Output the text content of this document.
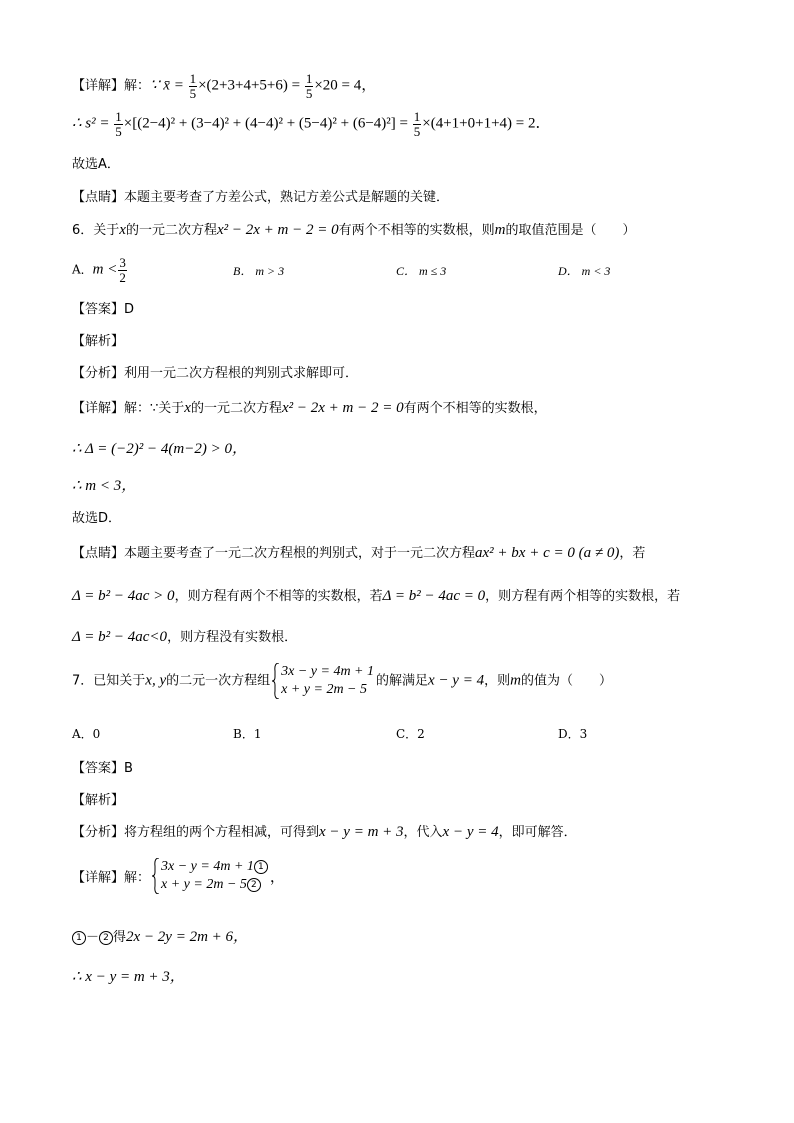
【详解】解：∵ x̄ = $\frac{1}{5} \times(2+3+4+5+6) = \frac{1}{5} \times 20 = 4$，
∴ $s^2 = \frac{1}{5} \times[(2-4)^2 + (3-4)^2 + (4-4)^2 + (5-4)^2 + (6-4)^2] = \frac{1}{5} \times(4+1+0+1+4) = 2$．
故选A．
【点睛】本题主要考查了方差公式，熟记方差公式是解题的关键．
6．关于x的一元二次方程x² − 2x + m − 2 = 0有两个不相等的实数根，则m的取值范围是（　　）
A．$m < \frac{3}{2}$	B． m > 3	C． m ≤ 3	D． m < 3
【答案】D
【解析】
【分析】利用一元二次方程根的判别式求解即可．
【详解】解：∵关于x的一元二次方程x² − 2x + m − 2 = 0有两个不相等的实数根，
∴ Δ = (−2)² − 4(m−2) > 0，
∴ m < 3，
故选D．
【点睛】本题主要考查了一元二次方程根的判别式，对于一元二次方程ax² + bx + c = 0 (a ≠ 0)，若
Δ = b² − 4ac > 0，则方程有两个不相等的实数根，若Δ = b² − 4ac = 0，则方程有两个相等的实数根，若
Δ = b² − 4ac<0，则方程没有实数根．
7．已知关于x, y的二元一次方程组
3x − y = 4m + 1
x + y = 2m − 5
的解满足x − y = 4，则m的值为（　　）
A．0	B．1	C．2	D．3
【答案】B
【解析】
【分析】将方程组的两个方程相减，可得到x − y = m + 3，代入x − y = 4，即可解答．
【详解】解：
3x − y = 4m + 1 1
x + y = 2m − 5 2 ，
1 － 2 得2x − 2y = 2m + 6，
∴ x − y = m + 3，
